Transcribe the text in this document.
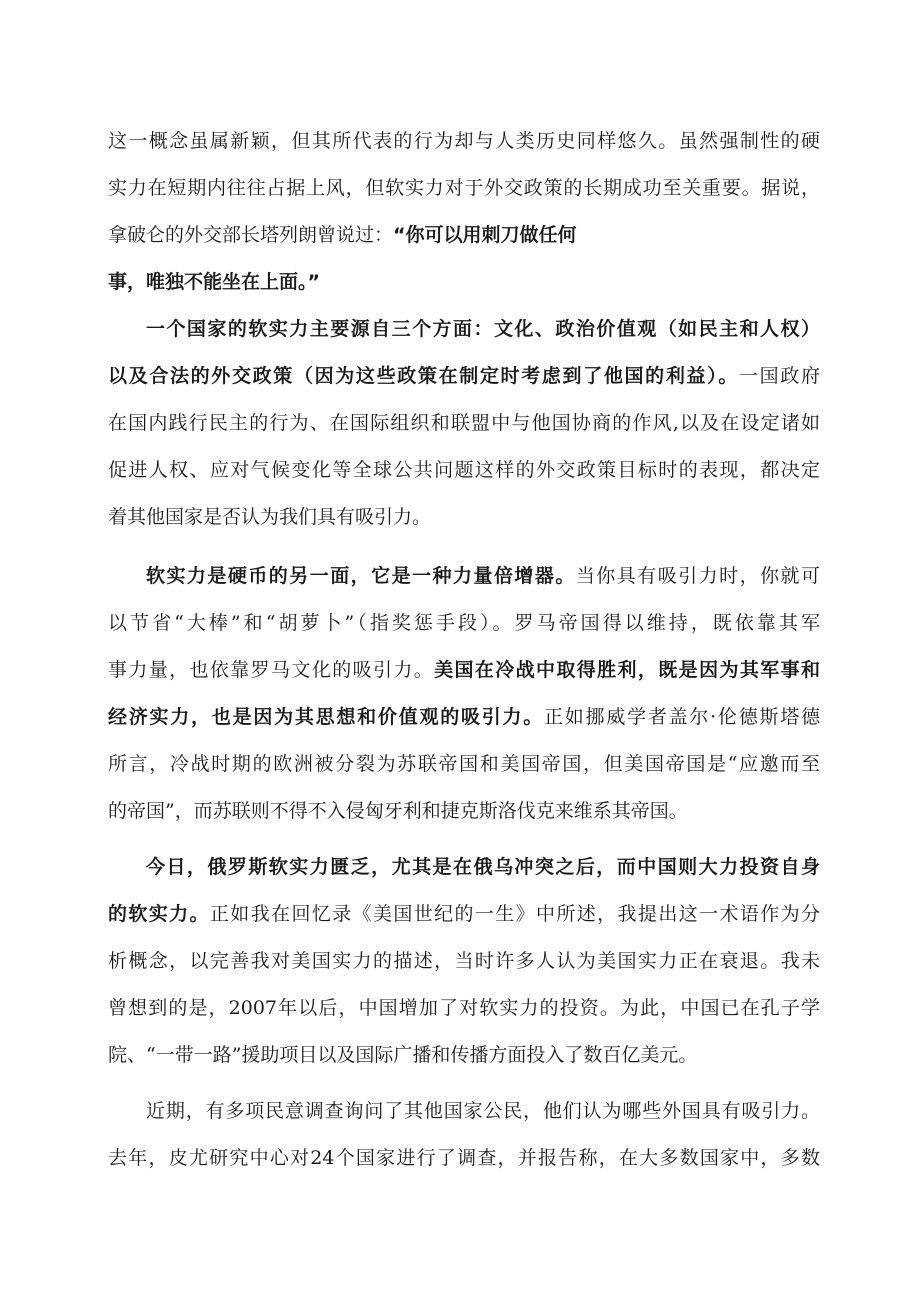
这一概念虽属新颖，但其所代表的行为却与人类历史同样悠久。虽然强制性的硬
实力在短期内往往占据上风，但软实力对于外交政策的长期成功至关重要。据说，
拿破仑的外交部长塔列朗曾说过：“你可以用刺刀做任何
事，唯独不能坐在上面。”

一个国家的软实力主要源自三个方面：文化、政治价值观（如民主和人权）
以及合法的外交政策（因为这些政策在制定时考虑到了他国的利益）。一国政府
在国内践行民主的行为、在国际组织和联盟中与他国协商的作风,以及在设定诸如
促进人权、应对气候变化等全球公共问题这样的外交政策目标时的表现，都决定
着其他国家是否认为我们具有吸引力。

软实力是硬币的另一面，它是一种力量倍增器。当你具有吸引力时，你就可
以节省“大棒”和“胡萝卜”（指奖惩手段）。罗马帝国得以维持，既依靠其军
事力量，也依靠罗马文化的吸引力。美国在冷战中取得胜利，既是因为其军事和
经济实力，也是因为其思想和价值观的吸引力。正如挪威学者盖尔·伦德斯塔德
所言，冷战时期的欧洲被分裂为苏联帝国和美国帝国，但美国帝国是“应邀而至
的帝国”，而苏联则不得不入侵匈牙利和捷克斯洛伐克来维系其帝国。

今日，俄罗斯软实力匮乏，尤其是在俄乌冲突之后，而中国则大力投资自身
的软实力。正如我在回忆录《美国世纪的一生》中所述，我提出这一术语作为分
析概念，以完善我对美国实力的描述，当时许多人认为美国实力正在衰退。我未
曾想到的是，2007年以后，中国增加了对软实力的投资。为此，中国已在孔子学
院、“一带一路”援助项目以及国际广播和传播方面投入了数百亿美元。

近期，有多项民意调查询问了其他国家公民，他们认为哪些外国具有吸引力。
去年，皮尤研究中心对24个国家进行了调查，并报告称，在大多数国家中，多数
